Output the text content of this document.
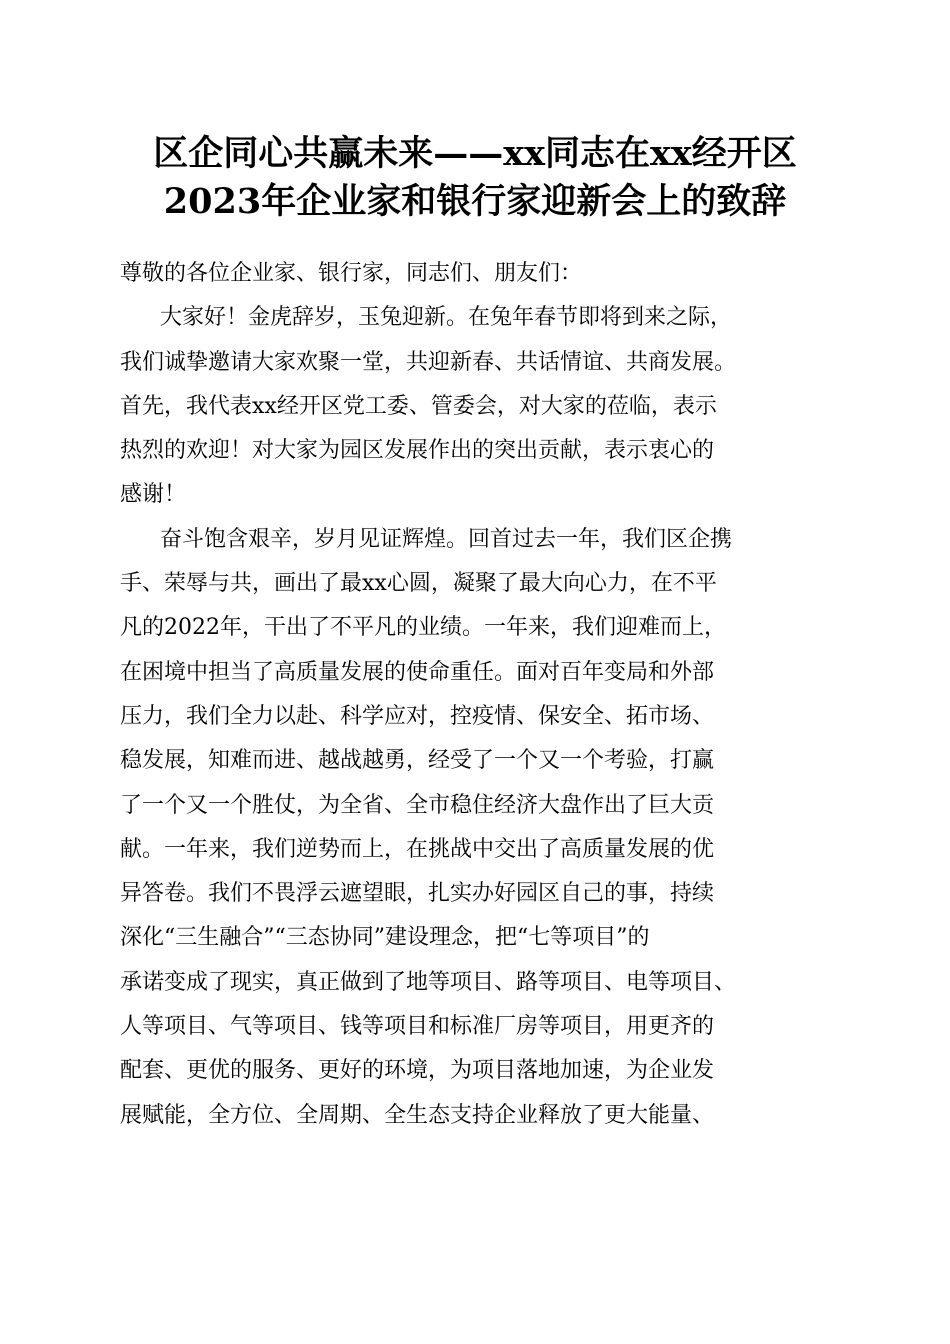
区企同心共赢未来——xx同志在xx经开区
2023年企业家和银行家迎新会上的致辞
尊敬的各位企业家、银行家，同志们、朋友们：
大家好！金虎辞岁，玉兔迎新。在兔年春节即将到来之际，
我们诚挚邀请大家欢聚一堂，共迎新春、共话情谊、共商发展。
首先，我代表xx经开区党工委、管委会，对大家的莅临，表示
热烈的欢迎！对大家为园区发展作出的突出贡献，表示衷心的
感谢！
奋斗饱含艰辛，岁月见证辉煌。回首过去一年，我们区企携
手、荣辱与共，画出了最xx心圆，凝聚了最大向心力，在不平
凡的2022年，干出了不平凡的业绩。一年来，我们迎难而上，
在困境中担当了高质量发展的使命重任。面对百年变局和外部
压力，我们全力以赴、科学应对，控疫情、保安全、拓市场、
稳发展，知难而进、越战越勇，经受了一个又一个考验，打赢
了一个又一个胜仗，为全省、全市稳住经济大盘作出了巨大贡
献。一年来，我们逆势而上，在挑战中交出了高质量发展的优
异答卷。我们不畏浮云遮望眼，扎实办好园区自己的事，持续
深化“三生融合”“三态协同”建设理念，把“七等项目”的
承诺变成了现实，真正做到了地等项目、路等项目、电等项目、
人等项目、气等项目、钱等项目和标准厂房等项目，用更齐的
配套、更优的服务、更好的环境，为项目落地加速，为企业发
展赋能，全方位、全周期、全生态支持企业释放了更大能量、
